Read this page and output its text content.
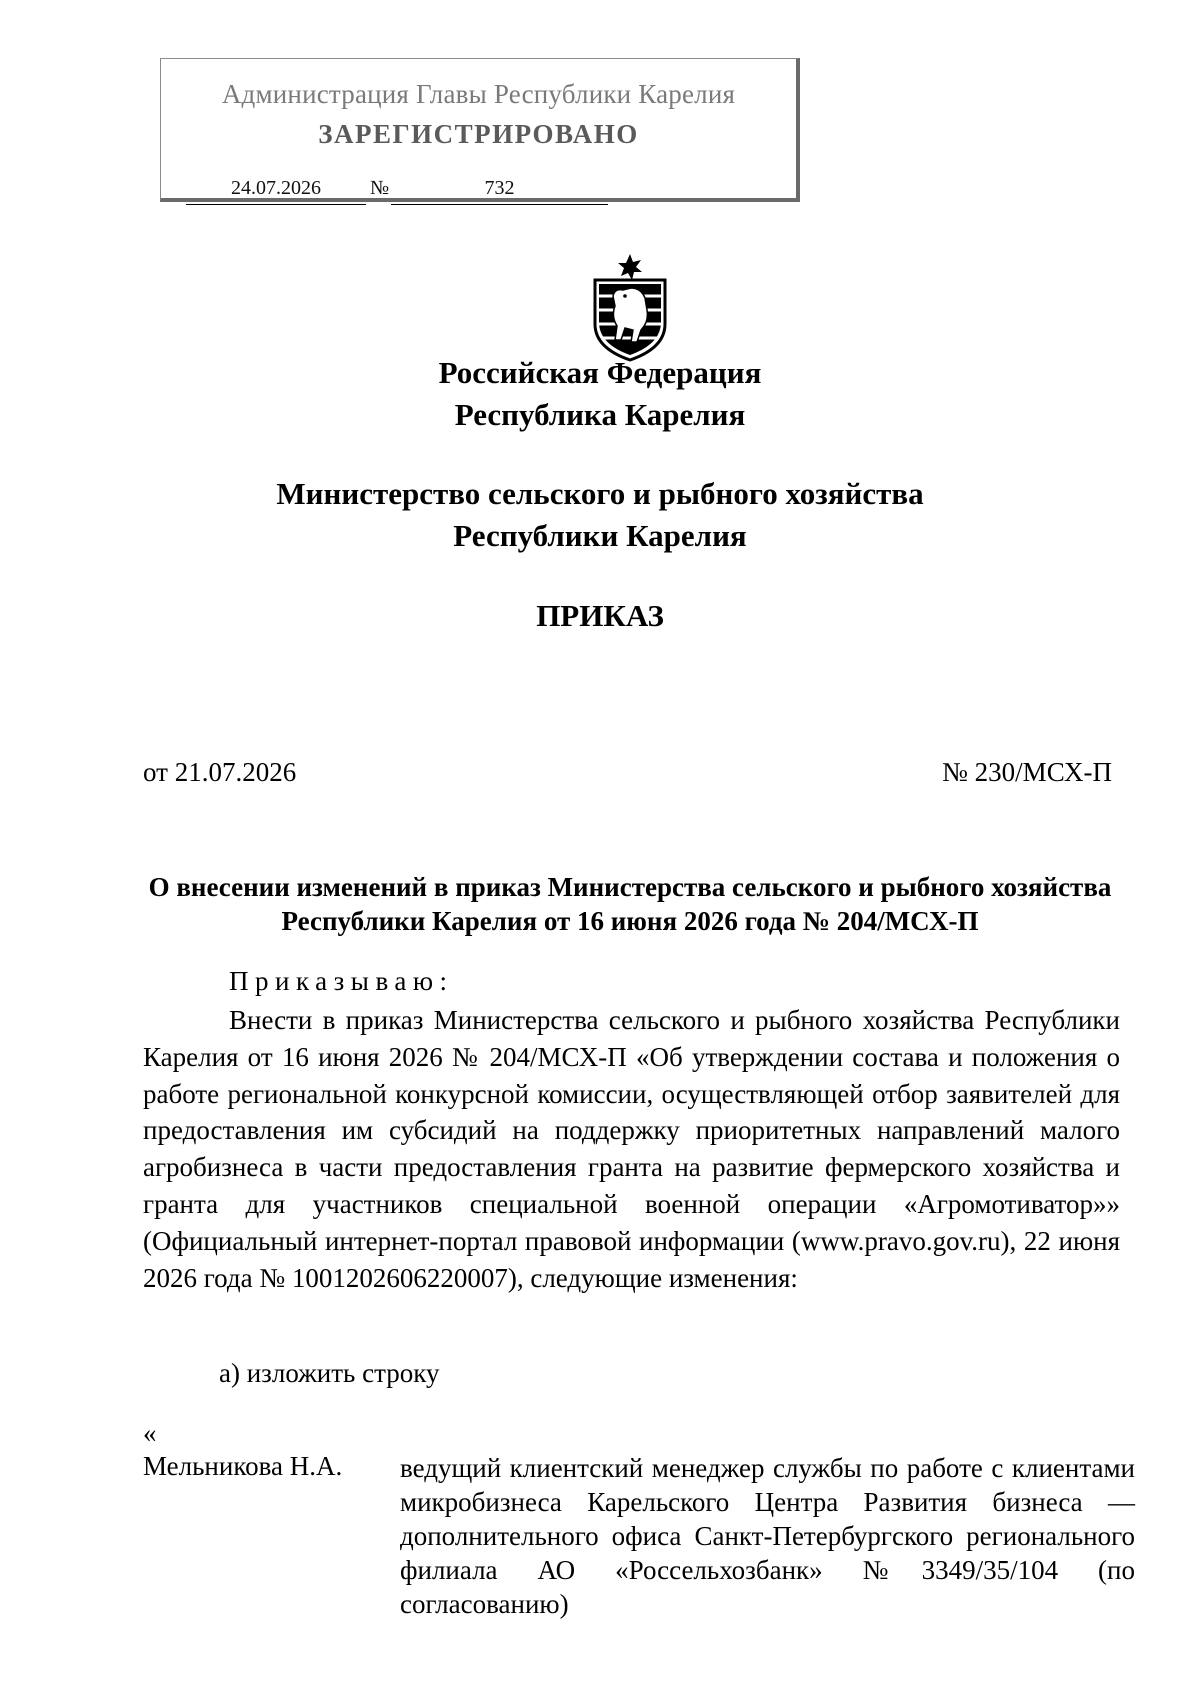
Администрация Главы Республики Карелия
ЗАРЕГИСТРИРОВАНО
24.07.2026	№	732
Российская Федерация
Республика Карелия
Министерство сельского и рыбного хозяйства
Республики Карелия
ПРИКАЗ
от 21.07.2026	№ 230/МСХ-П
О внесении изменений в приказ Министерства сельского и рыбного хозяйства Республики Карелия от 16 июня 2026 года № 204/МСХ-П
Приказываю:
Внести в приказ Министерства сельского и рыбного хозяйства Республики Карелия от 16 июня 2026 № 204/МСХ-П «Об утверждении состава и положения о работе региональной конкурсной комиссии, осуществляющей отбор заявителей для предоставления им субсидий на поддержку приоритетных направлений малого агробизнеса в части предоставления гранта на развитие фермерского хозяйства и гранта для участников специальной военной операции «Агромотиватор»» (Официальный интернет-портал правовой информации (www.pravo.gov.ru), 22 июня 2026 года № 1001202606220007), следующие изменения:
а) изложить строку
«
Мельникова Н.А. ведущий клиентский менеджер службы по работе с клиентами микробизнеса Карельского Центра Развития бизнеса — дополнительного офиса Санкт-Петербургского регионального филиала АО «Россельхозбанк» №3349/35/104 (по согласованию)
